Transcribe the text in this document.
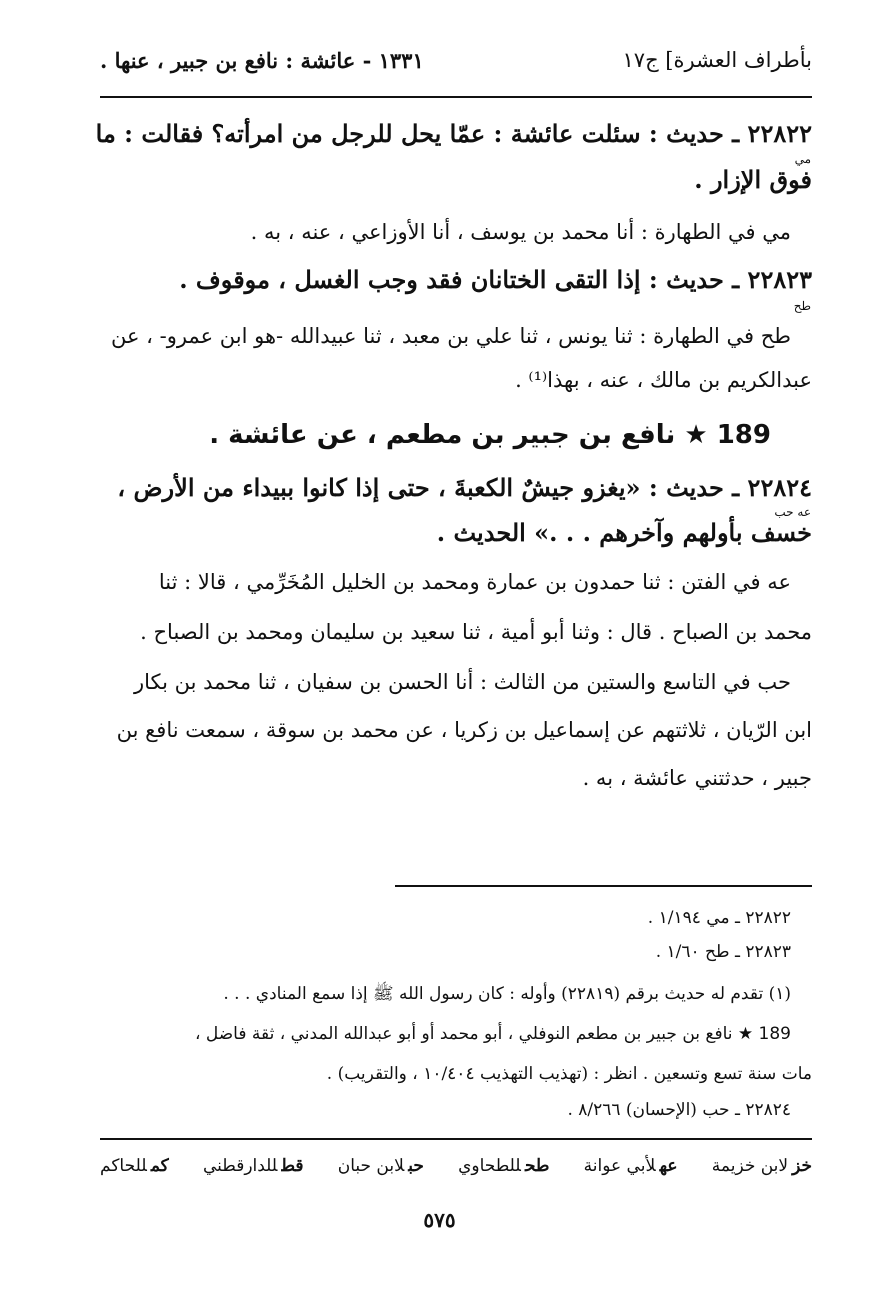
بأطراف العشرة] ج١٧
١٣٣١ - عائشة : نافع بن جبير ، عنها .
٢٢٨٢٢ ـ حديث : سئلت عائشة : عمّا يحل للرجل من امرأته؟ فقالت : ما
مي
فوق الإزار .
مي في الطهارة : أنا محمد بن يوسف ، أنا الأوزاعي ، عنه ، به .
٢٢٨٢٣ ـ حديث : إذا التقى الختانان فقد وجب الغسل ، موقوف .
طح
طح في الطهارة : ثنا يونس ، ثنا علي بن معبد ، ثنا عبيدالله -هو ابن عمرو- ، عن
عبدالكريم بن مالك ، عنه ، بهذا⁽¹⁾ .
189 ★ نافع بن جبير بن مطعم ، عن عائشة .
٢٢٨٢٤ ـ حديث : «يغزو جيشٌ الكعبةَ ، حتى إذا كانوا ببيداء من الأرض ،
عه حب
خسف بأولهم وآخرهم . . .» الحديث .
عه في الفتن : ثنا حمدون بن عمارة ومحمد بن الخليل المُخَرِّمي ، قالا : ثنا
محمد بن الصباح . قال : وثنا أبو أمية ، ثنا سعيد بن سليمان ومحمد بن الصباح .
حب في التاسع والستين من الثالث : أنا الحسن بن سفيان ، ثنا محمد بن بكار
ابن الرّيان ، ثلاثتهم عن إسماعيل بن زكريا ، عن محمد بن سوقة ، سمعت نافع بن
جبير ، حدثتني عائشة ، به .
٢٢٨٢٢ ـ مي ١/١٩٤ .
٢٢٨٢٣ ـ طح ١/٦٠ .
(١) تقدم له حديث برقم (٢٢٨١٩) وأوله : كان رسول الله ﷺ إذا سمع المنادي . . .
189 ★ نافع بن جبير بن مطعم النوفلي ، أبو محمد أو أبو عبدالله المدني ، ثقة فاضل ،
مات سنة تسع وتسعين . انظر : (تهذيب التهذيب ١٠/٤٠٤ ، والتقريب) .
٢٢٨٢٤ ـ حب (الإحسان) ٨/٢٦٦ .
خزلابن خزيمة
عهلأبي عوانة
طحللطحاوي
حبلابن حبان
قطللدارقطني
كمللحاكم
٥٧٥
